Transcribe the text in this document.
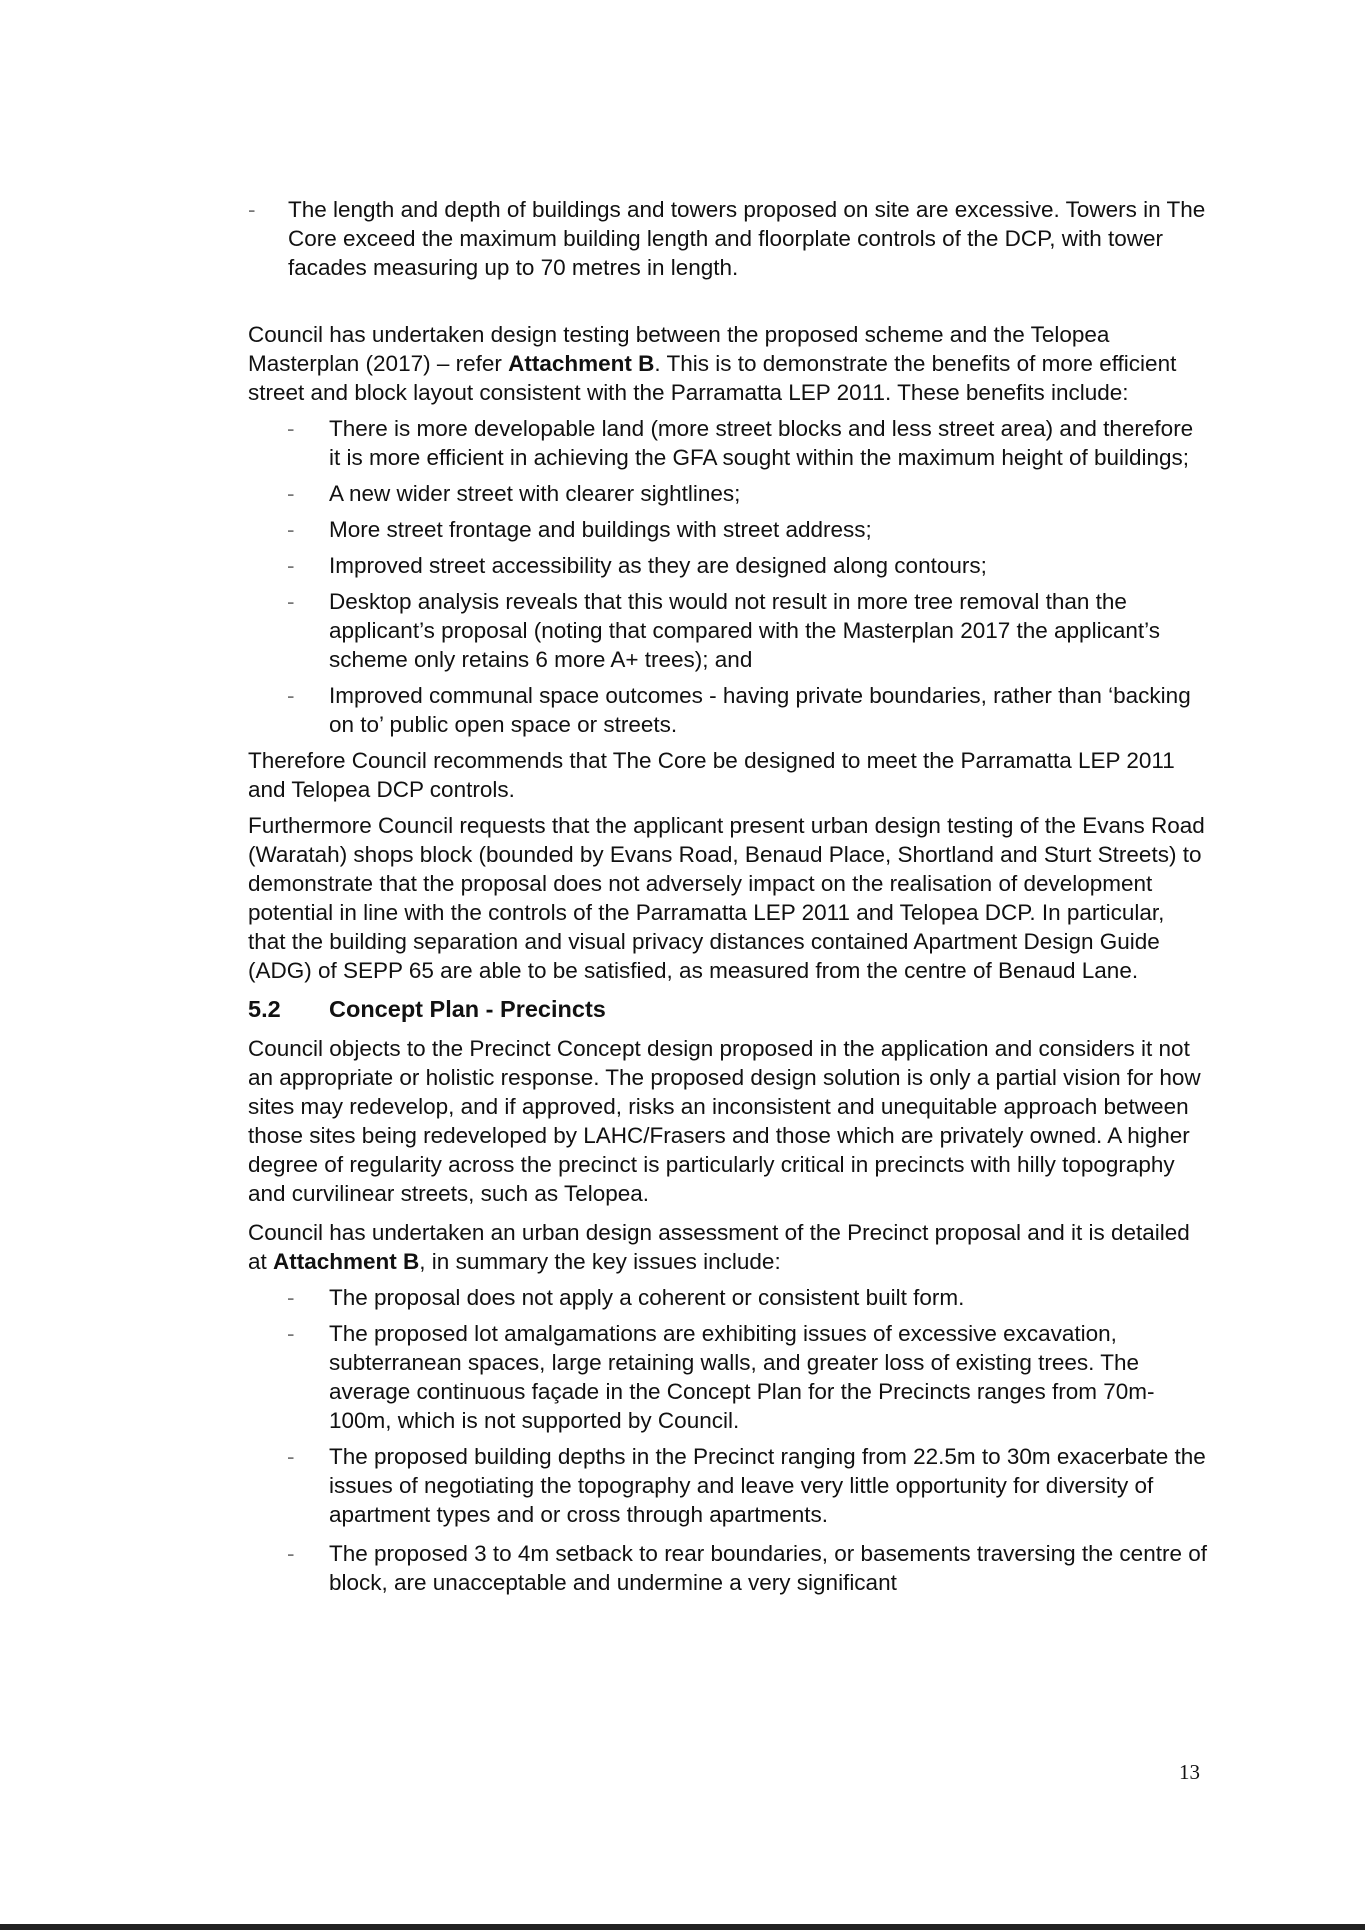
- The length and depth of buildings and towers proposed on site are excessive. Towers in The Core exceed the maximum building length and floorplate controls of the DCP, with tower facades measuring up to 70 metres in length.

Council has undertaken design testing between the proposed scheme and the Telopea Masterplan (2017) – refer Attachment B. This is to demonstrate the benefits of more efficient street and block layout consistent with the Parramatta LEP 2011. These benefits include:

- There is more developable land (more street blocks and less street area) and therefore it is more efficient in achieving the GFA sought within the maximum height of buildings;
- A new wider street with clearer sightlines;
- More street frontage and buildings with street address;
- Improved street accessibility as they are designed along contours;
- Desktop analysis reveals that this would not result in more tree removal than the applicant’s proposal (noting that compared with the Masterplan 2017 the applicant’s scheme only retains 6 more A+ trees); and
- Improved communal space outcomes - having private boundaries, rather than ‘backing on to’ public open space or streets.

Therefore Council recommends that The Core be designed to meet the Parramatta LEP 2011 and Telopea DCP controls.

Furthermore Council requests that the applicant present urban design testing of the Evans Road (Waratah) shops block (bounded by Evans Road, Benaud Place, Shortland and Sturt Streets) to demonstrate that the proposal does not adversely impact on the realisation of development potential in line with the controls of the Parramatta LEP 2011 and Telopea DCP. In particular, that the building separation and visual privacy distances contained Apartment Design Guide (ADG) of SEPP 65 are able to be satisfied, as measured from the centre of Benaud Lane.

5.2	Concept Plan - Precincts

Council objects to the Precinct Concept design proposed in the application and considers it not an appropriate or holistic response. The proposed design solution is only a partial vision for how sites may redevelop, and if approved, risks an inconsistent and unequitable approach between those sites being redeveloped by LAHC/Frasers and those which are privately owned. A higher degree of regularity across the precinct is particularly critical in precincts with hilly topography and curvilinear streets, such as Telopea.

Council has undertaken an urban design assessment of the Precinct proposal and it is detailed at Attachment B, in summary the key issues include:

- The proposal does not apply a coherent or consistent built form.
- The proposed lot amalgamations are exhibiting issues of excessive excavation, subterranean spaces, large retaining walls, and greater loss of existing trees. The average continuous façade in the Concept Plan for the Precincts ranges from 70m-100m, which is not supported by Council.
- The proposed building depths in the Precinct ranging from 22.5m to 30m exacerbate the issues of negotiating the topography and leave very little opportunity for diversity of apartment types and or cross through apartments.
- The proposed 3 to 4m setback to rear boundaries, or basements traversing the centre of block, are unacceptable and undermine a very significant
13
